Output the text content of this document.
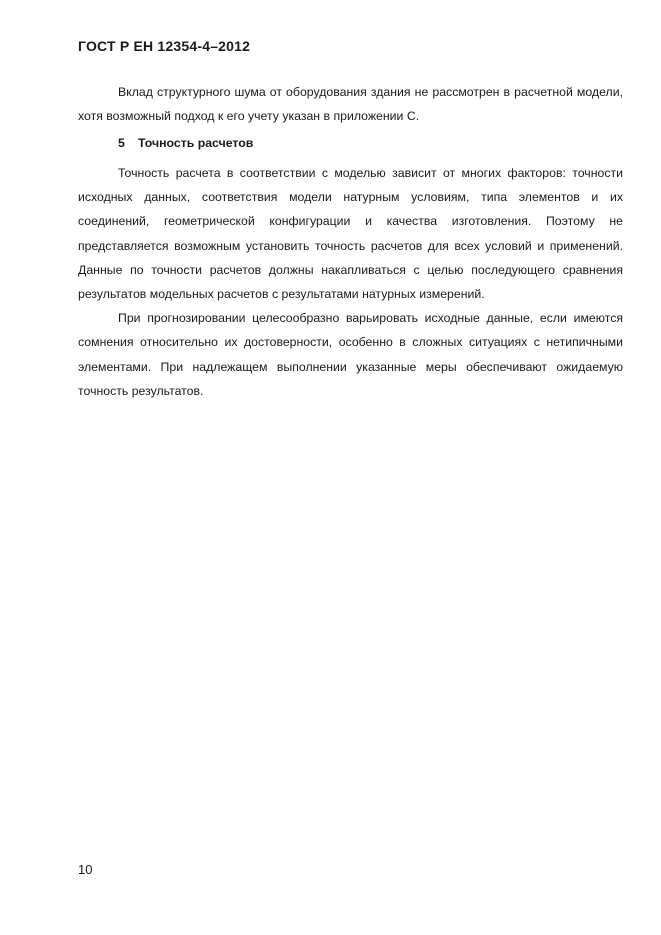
ГОСТ Р ЕН 12354-4–2012

Вклад структурного шума от оборудования здания не рассмотрен в расчетной модели, хотя возможный подход к его учету указан в приложении С.

5 Точность расчетов

Точность расчета в соответствии с моделью зависит от многих факторов: точности исходных данных, соответствия модели натурным условиям, типа элементов и их соединений, геометрической конфигурации и качества изготовления. Поэтому не представляется возможным установить точность расчетов для всех условий и применений. Данные по точности расчетов должны накапливаться с целью последующего сравнения результатов модельных расчетов с результатами натурных измерений.

При прогнозировании целесообразно варьировать исходные данные, если имеются сомнения относительно их достоверности, особенно в сложных ситуациях с нетипичными элементами. При надлежащем выполнении указанные меры обеспечивают ожидаемую точность результатов.

10
